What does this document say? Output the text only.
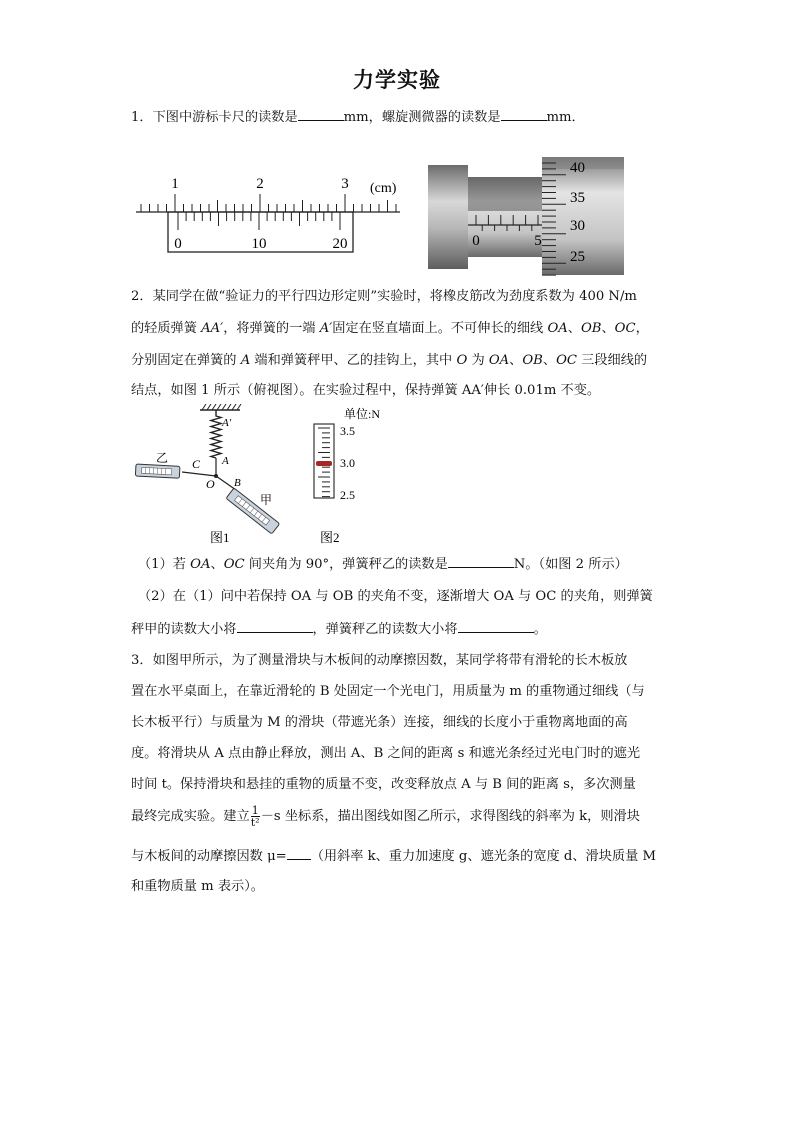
力学实验
1．下图中游标卡尺的读数是	mm，螺旋测微器的读数是	mm．
1	2	3 (cm)
0	10	20	0	5
40
35
30
25
2．某同学在做“验证力的平行四边形定则”实验时，将橡皮筋改为劲度系数为 400 N/m
的轻质弹簧 AA′，将弹簧的一端 A′固定在竖直墙面上。不可伸长的细线 OA、OB、OC，
分别固定在弹簧的 A 端和弹簧秤甲、乙的挂钩上，其中 O 为 OA、OB、OC 三段细线的
结点，如图 1 所示（俯视图）。在实验过程中，保持弹簧 AA′伸长 0.01m 不变。
A′
A
C
O B
乙
甲
图1
单位:N
3.5
3.0
2.5
图2
（1）若 OA、OC 间夹角为 90°，弹簧秤乙的读数是	N。（如图 2 所示）
（2）在（1）问中若保持 OA 与 OB 的夹角不变，逐渐增大 OA 与 OC 的夹角，则弹簧
秤甲的读数大小将	，弹簧秤乙的读数大小将	。
3．如图甲所示，为了测量滑块与木板间的动摩擦因数，某同学将带有滑轮的长木板放
置在水平桌面上，在靠近滑轮的 B 处固定一个光电门，用质量为 m 的重物通过细线（与
长木板平行）与质量为 M 的滑块（带遮光条）连接，细线的长度小于重物离地面的高
度。将滑块从 A 点由静止释放，测出 A、B 之间的距离 s 和遮光条经过光电门时的遮光
时间 t。保持滑块和悬挂的重物的质量不变，改变释放点 A 与 B 间的距离 s，多次测量
最终完成实验。建立 $\frac{1}{\text{t²}} -s$ 坐标系，描出图线如图乙所示，求得图线的斜率为 k，则滑块
与木板间的动摩擦因数 μ= （用斜率 k、重力加速度 g、遮光条的宽度 d、滑块质量 M
和重物质量 m 表示）。
